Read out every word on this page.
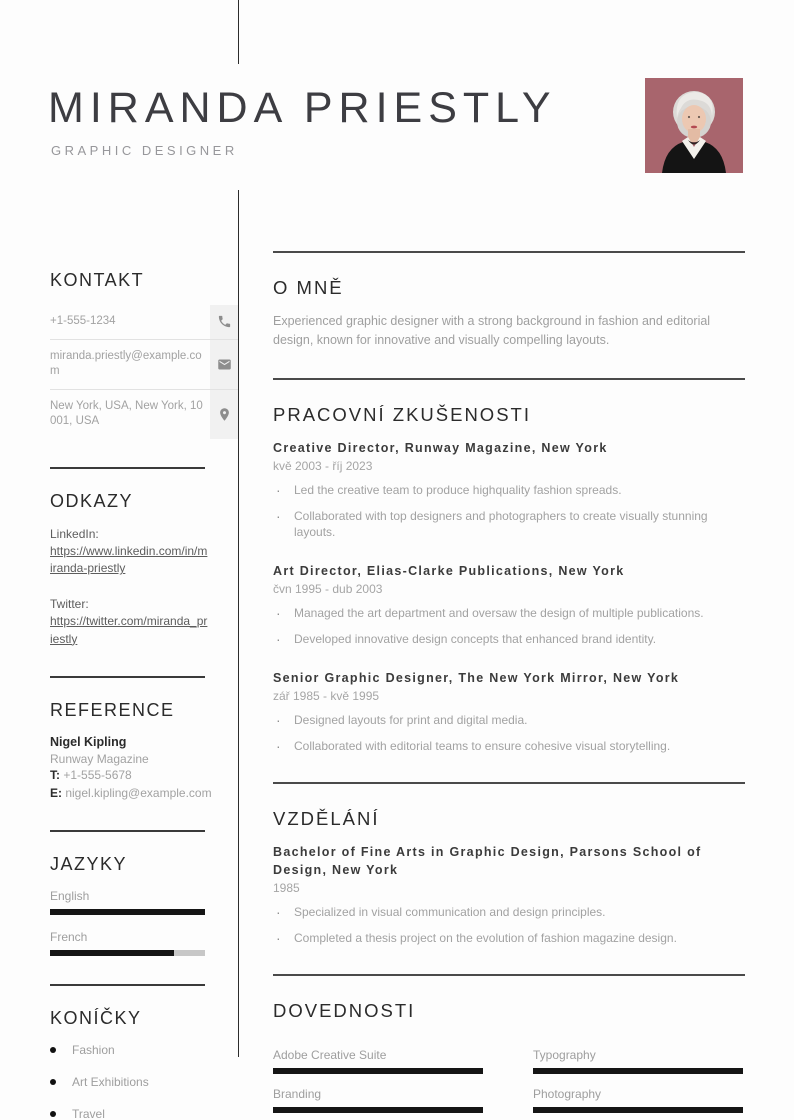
MIRANDA PRIESTLY
GRAPHIC DESIGNER
KONTAKT
+1-555-1234
miranda.priestly@example.com
New York, USA, New York, 10001, USA
ODKAZY
LinkedIn:
https://www.linkedin.com/in/miranda-priestly
Twitter:
https://twitter.com/miranda_priestly
REFERENCE
Nigel Kipling
Runway Magazine
T: +1-555-5678
E: nigel.kipling@example.com
JAZYKY
English
French
KONÍČKY
Fashion
Art Exhibitions
Travel
O MNĚ

Experienced graphic designer with a strong background in fashion and editorial design, known for innovative and visually compelling layouts.

PRACOVNÍ ZKUŠENOSTI
Creative Director, Runway Magazine, New York
kvě 2003 - říj 2023
· Led the creative team to produce highquality fashion spreads.
· Collaborated with top designers and photographers to create visually stunning layouts.
Art Director, Elias-Clarke Publications, New York
čvn 1995 - dub 2003
· Managed the art department and oversaw the design of multiple publications.
· Developed innovative design concepts that enhanced brand identity.
Senior Graphic Designer, The New York Mirror, New York
zář 1985 - kvě 1995
· Designed layouts for print and digital media.
· Collaborated with editorial teams to ensure cohesive visual storytelling.
VZDĚLÁNÍ
Bachelor of Fine Arts in Graphic Design, Parsons School of Design, New York
1985
· Specialized in visual communication and design principles.
· Completed a thesis project on the evolution of fashion magazine design.
DOVEDNOSTI
Adobe Creative Suite	Typography
Branding	Photography
